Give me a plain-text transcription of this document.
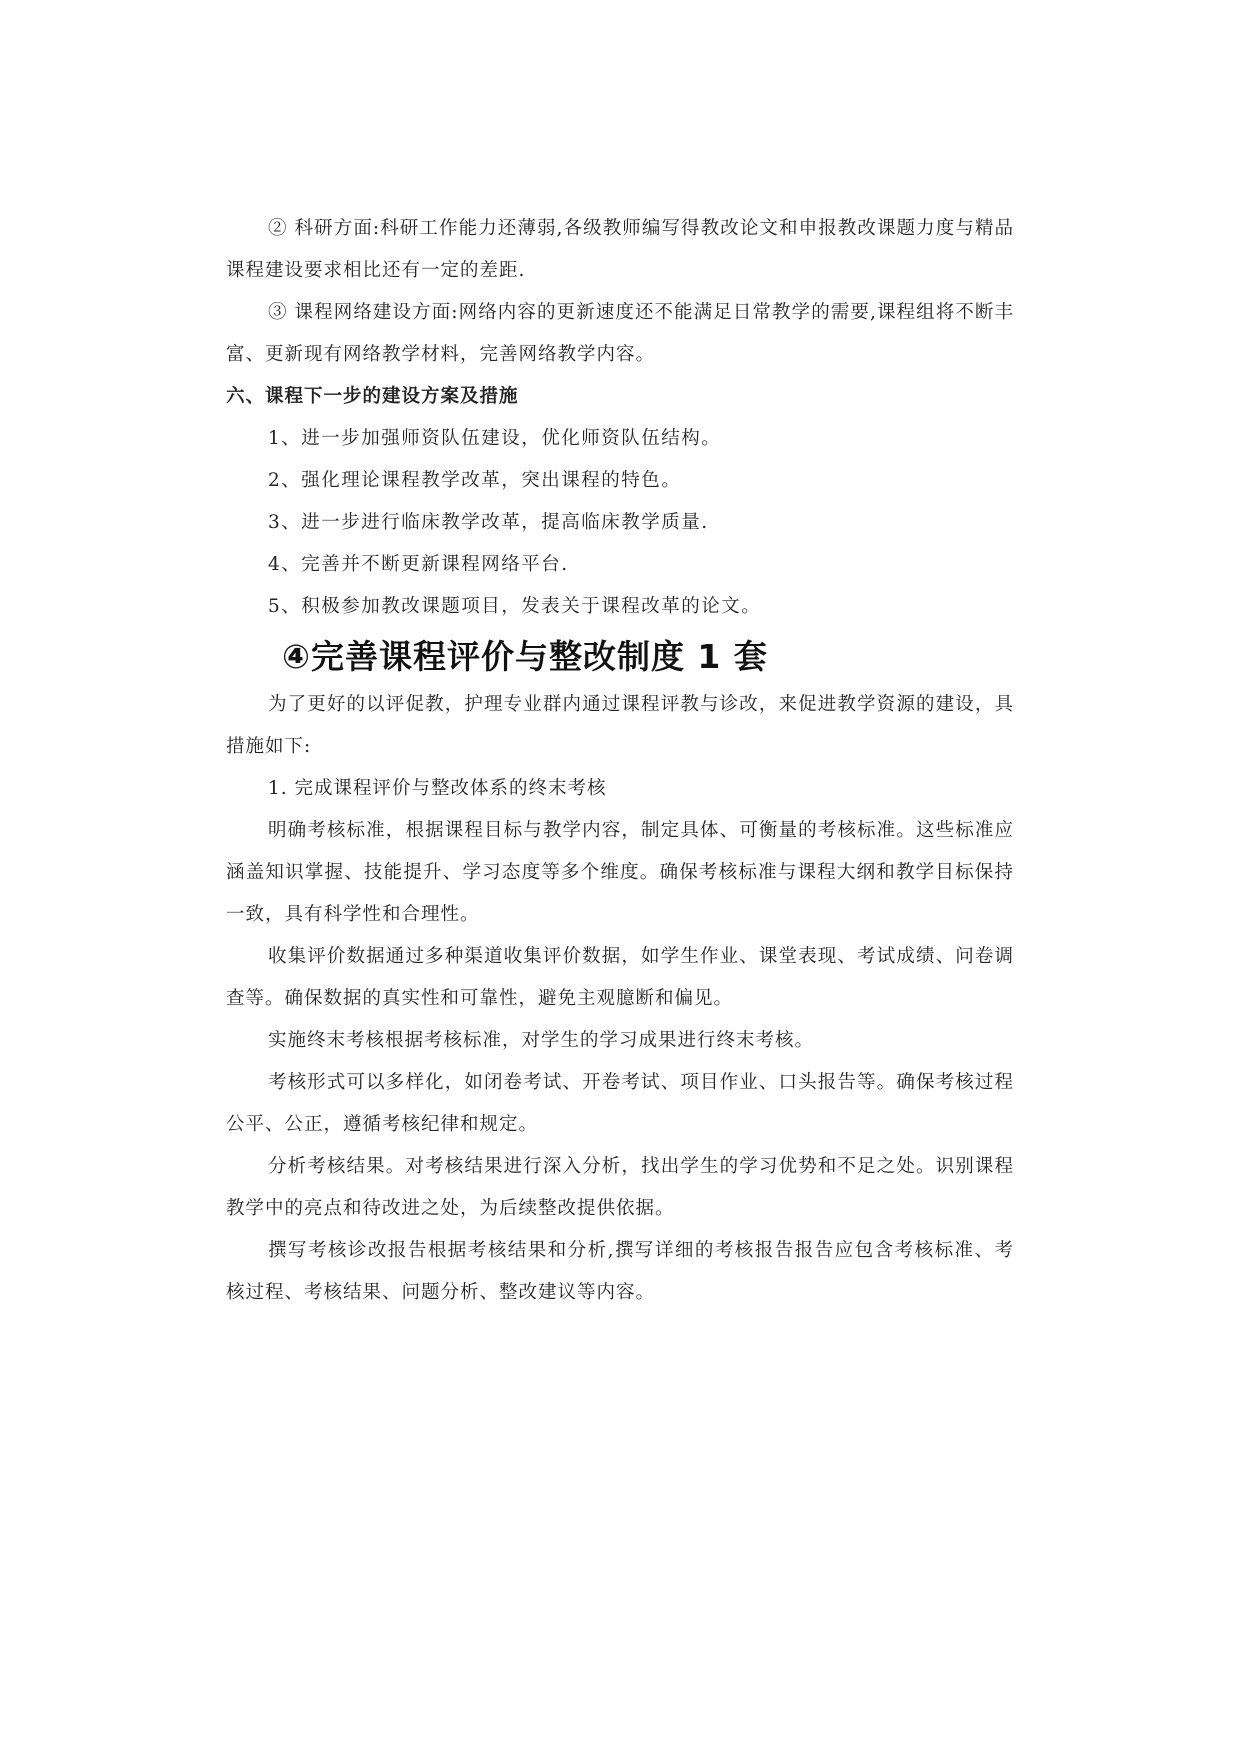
② 科研方面:科研工作能力还薄弱,各级教师编写得教改论文和申报教改课题力度与精品课程建设要求相比还有一定的差距.

③ 课程网络建设方面:网络内容的更新速度还不能满足日常教学的需要,课程组将不断丰富、更新现有网络教学材料，完善网络教学内容。

六、课程下一步的建设方案及措施

1、进一步加强师资队伍建设，优化师资队伍结构。

2、强化理论课程教学改革，突出课程的特色。

3、进一步进行临床教学改革，提高临床教学质量.

4、完善并不断更新课程网络平台.

5、积极参加教改课题项目，发表关于课程改革的论文。

④完善课程评价与整改制度 1 套

为了更好的以评促教，护理专业群内通过课程评教与诊改，来促进教学资源的建设，具措施如下:

1. 完成课程评价与整改体系的终末考核

明确考核标准，根据课程目标与教学内容，制定具体、可衡量的考核标准。这些标准应涵盖知识掌握、技能提升、学习态度等多个维度。确保考核标准与课程大纲和教学目标保持一致，具有科学性和合理性。

收集评价数据通过多种渠道收集评价数据，如学生作业、课堂表现、考试成绩、问卷调查等。确保数据的真实性和可靠性，避免主观臆断和偏见。

实施终末考核根据考核标准，对学生的学习成果进行终末考核。

考核形式可以多样化，如闭卷考试、开卷考试、项目作业、口头报告等。确保考核过程公平、公正，遵循考核纪律和规定。

分析考核结果。对考核结果进行深入分析，找出学生的学习优势和不足之处。识别课程教学中的亮点和待改进之处，为后续整改提供依据。

撰写考核诊改报告根据考核结果和分析,撰写详细的考核报告报告应包含考核标准、考核过程、考核结果、问题分析、整改建议等内容。
